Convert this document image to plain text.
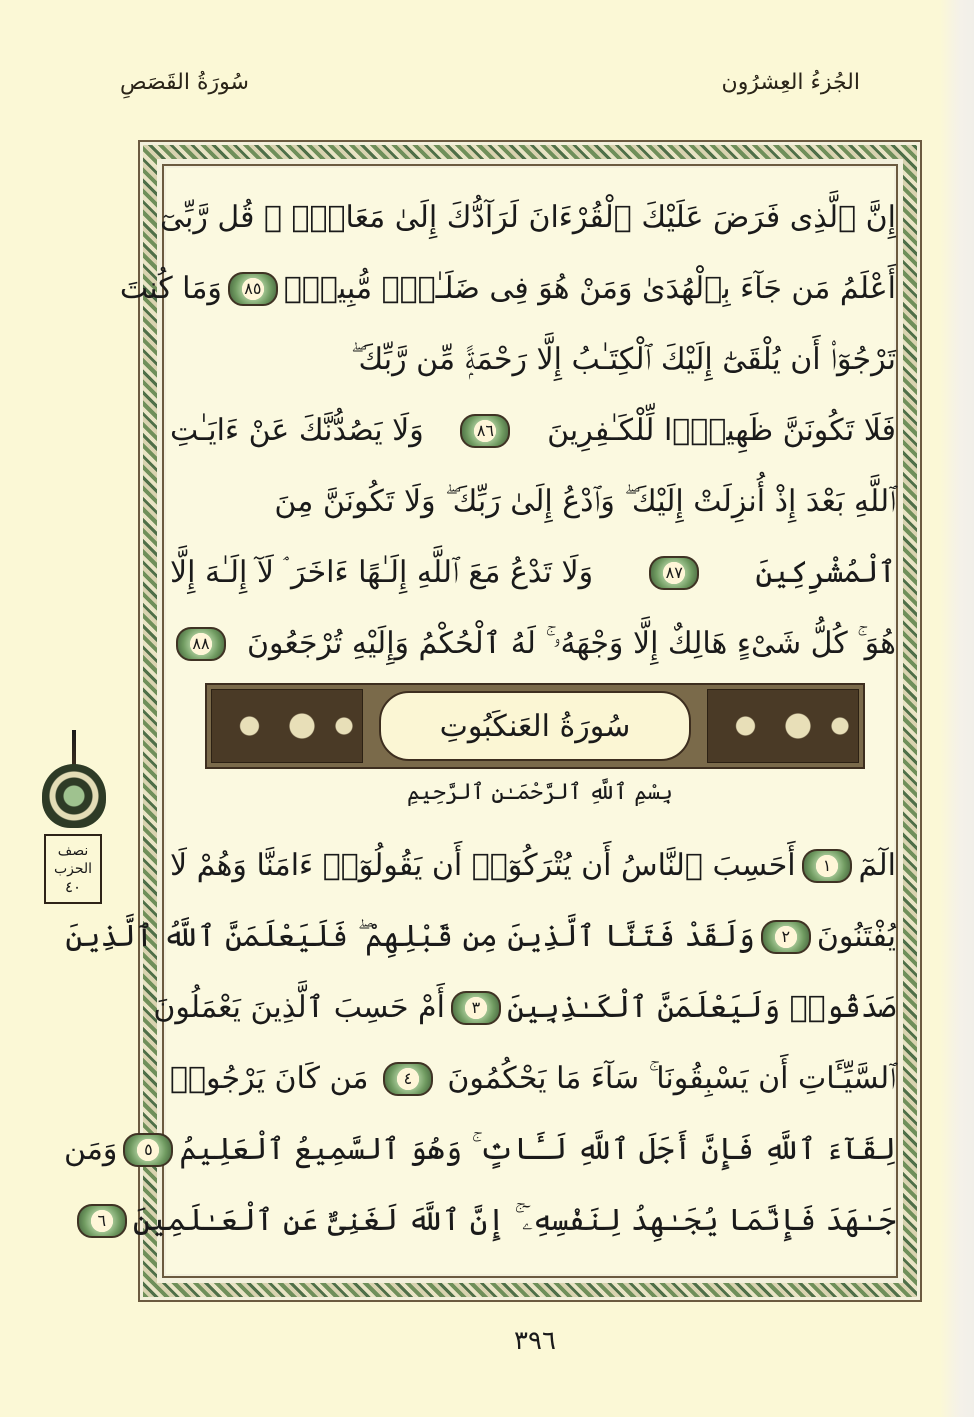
سُورَةُ القَصَصِ	الجُزءُ العِشرُون
إِنَّ ٱلَّذِى فَرَضَ عَلَيْكَ ٱلْقُرْءَانَ لَرَآدُّكَ إِلَىٰ مَعَادٍۢ ۚ قُل رَّبِّىٓ
أَعْلَمُ مَن جَآءَ بِٱلْهُدَىٰ وَمَنْ هُوَ فِى ضَلَـٰلٍۢ مُّبِينٍۢ
٨٥
وَمَا كُنتَ
تَرْجُوٓا۟ أَن يُلْقَىٰٓ إِلَيْكَ ٱلْكِتَـٰبُ إِلَّا رَحْمَةًۭ مِّن رَّبِّكَ ۖ
فَلَا تَكُونَنَّ ظَهِيرًۭا لِّلْكَـٰفِرِينَ
٨٦
وَلَا يَصُدُّنَّكَ عَنْ ءَايَـٰتِ
ٱللَّهِ بَعْدَ إِذْ أُنزِلَتْ إِلَيْكَ ۖ وَٱدْعُ إِلَىٰ رَبِّكَ ۖ وَلَا تَكُونَنَّ مِنَ
ٱلْمُشْرِكِينَ
٨٧
وَلَا تَدْعُ مَعَ ٱللَّهِ إِلَـٰهًا ءَاخَرَ ۘ لَآ إِلَـٰهَ إِلَّا
هُوَ ۚ كُلُّ شَىْءٍ هَالِكٌ إِلَّا وَجْهَهُۥ ۚ لَهُ ٱلْحُكْمُ وَإِلَيْهِ تُرْجَعُونَ
٨٨
سُورَةُ العَنكَبُوتِ
بِسْمِ ٱللَّهِ ٱلرَّحْمَـٰنِ ٱلرَّحِيمِ
الٓمٓ
١
أَحَسِبَ ٱلنَّاسُ أَن يُتْرَكُوٓا۟ أَن يَقُولُوٓا۟ ءَامَنَّا وَهُمْ لَا
يُفْتَنُونَ
٢
وَلَقَدْ فَتَنَّا ٱلَّذِينَ مِن قَبْلِهِمْ ۖ فَلَيَعْلَمَنَّ ٱللَّهُ ٱلَّذِينَ
صَدَقُوا۟ وَلَيَعْلَمَنَّ ٱلْكَـٰذِبِينَ
٣
أَمْ حَسِبَ ٱلَّذِينَ يَعْمَلُونَ
ٱلسَّيِّـَٔاتِ أَن يَسْبِقُونَا ۚ سَآءَ مَا يَحْكُمُونَ
٤
مَن كَانَ يَرْجُوا۟
لِقَآءَ ٱللَّهِ فَإِنَّ أَجَلَ ٱللَّهِ لَـَٔاتٍۢ ۚ وَهُوَ ٱلسَّمِيعُ ٱلْعَلِيمُ
٥
وَمَن
جَـٰهَدَ فَإِنَّمَا يُجَـٰهِدُ لِنَفْسِهِۦٓ ۚ إِنَّ ٱللَّهَ لَغَنِىٌّ عَنِ ٱلْعَـٰلَمِينَ
٦
نصف
الحزب
٤٠
٣٩٦
